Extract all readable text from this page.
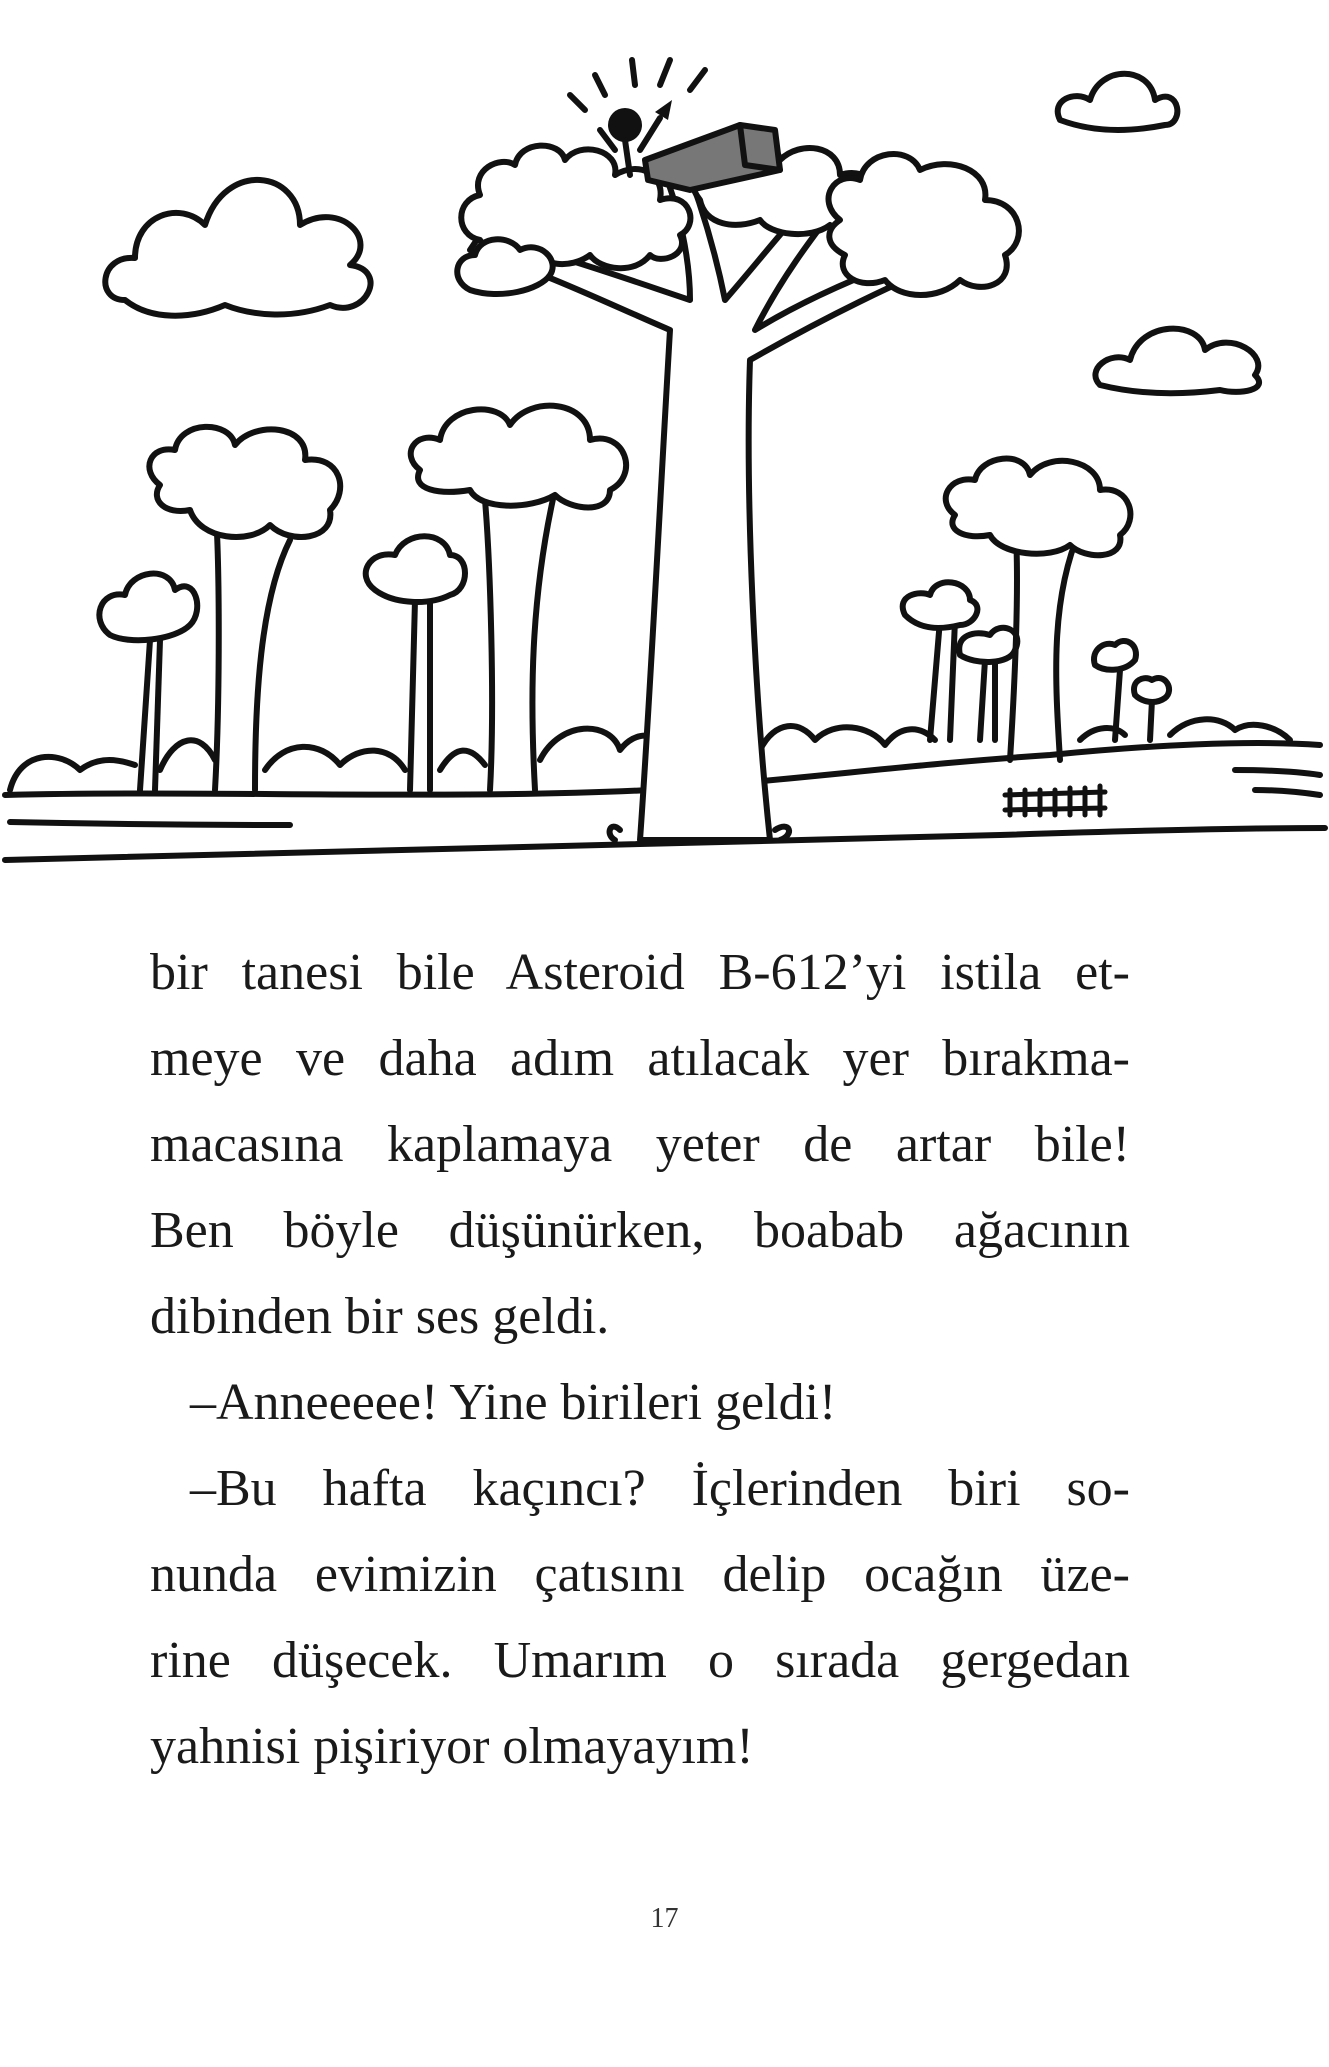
bir tanesi bile Asteroid B-612’yi istila et-
meye ve daha adım atılacak yer bırakma-
macasına kaplamaya yeter de artar bile!
Ben böyle düşünürken, boabab ağacının
dibinden bir ses geldi.
–Anneeeee! Yine birileri geldi!
–Bu hafta kaçıncı? İçlerinden biri so-
nunda evimizin çatısını delip ocağın üze-
rine düşecek. Umarım o sırada gergedan
yahnisi pişiriyor olmayayım!
17
